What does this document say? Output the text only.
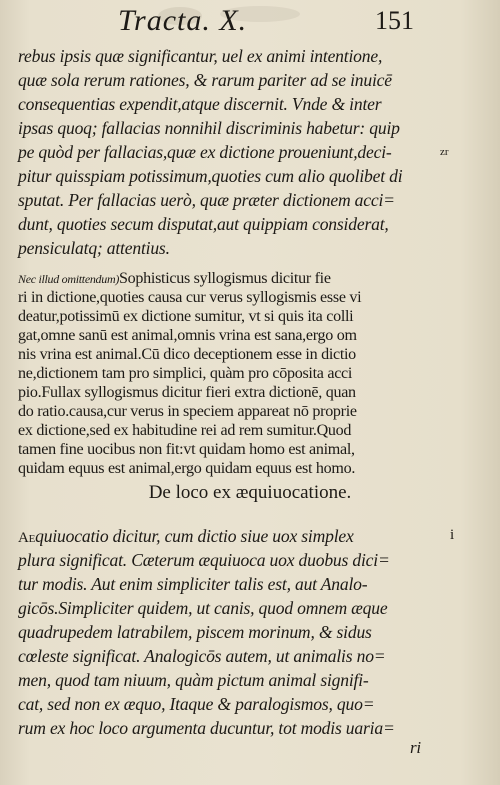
Tracta. X.	151
rebus ipsis quæ significantur, uel ex animi intentione,
quæ sola rerum rationes, & rarum pariter ad se inuicē
consequentias expendit,atque discernit. Vnde & inter
ipsas quoq; fallacias nonnihil discriminis habetur: quip
pe quòd per fallacias,quæ ex dictione proueniunt,deci-
pitur quisspiam potissimum,quoties cum alio quolibet di
sputat. Per fallacias uerò, quæ præter dictionem acci=
dunt, quoties secum disputat,aut quippiam considerat,
pensiculatq; attentius.
zr
Nec illud omittendum)Sophisticus syllogismus dicitur fie
ri in dictione,quoties causa cur verus syllogismis esse vi
deatur,potissimū ex dictione sumitur, vt si quis ita colli
gat,omne sanū est animal,omnis vrina est sana,ergo om
nis vrina est animal.Cū dico deceptionem esse in dictio
ne,dictionem tam pro simplici, quàm pro cōposita acci
pio.Fullax syllogismus dicitur fieri extra dictionē, quan
do ratio.causa,cur verus in speciem appareat nō proprie
ex dictione,sed ex habitudine rei ad rem sumitur.Quod
tamen fine uocibus non fit:vt quidam homo est animal,
quidam equus est animal,ergo quidam equus est homo.
De loco ex æquiuocatione.
Aequiuocatio dicitur, cum dictio siue uox simplex
plura significat. Cæterum æquiuoca uox duobus dici=
tur modis. Aut enim simpliciter talis est, aut Analo-
gicōs.Simpliciter quidem, ut canis, quod omnem æque
quadrupedem latrabilem, piscem morinum, & sidus
cœleste significat. Analogicōs autem, ut animalis no=
men, quod tam niuum, quàm pictum animal signifi-
cat, sed non ex æquo, Itaque & paralogismos, quo=
rum ex hoc loco argumenta ducuntur, tot modis uaria=
i
ri
